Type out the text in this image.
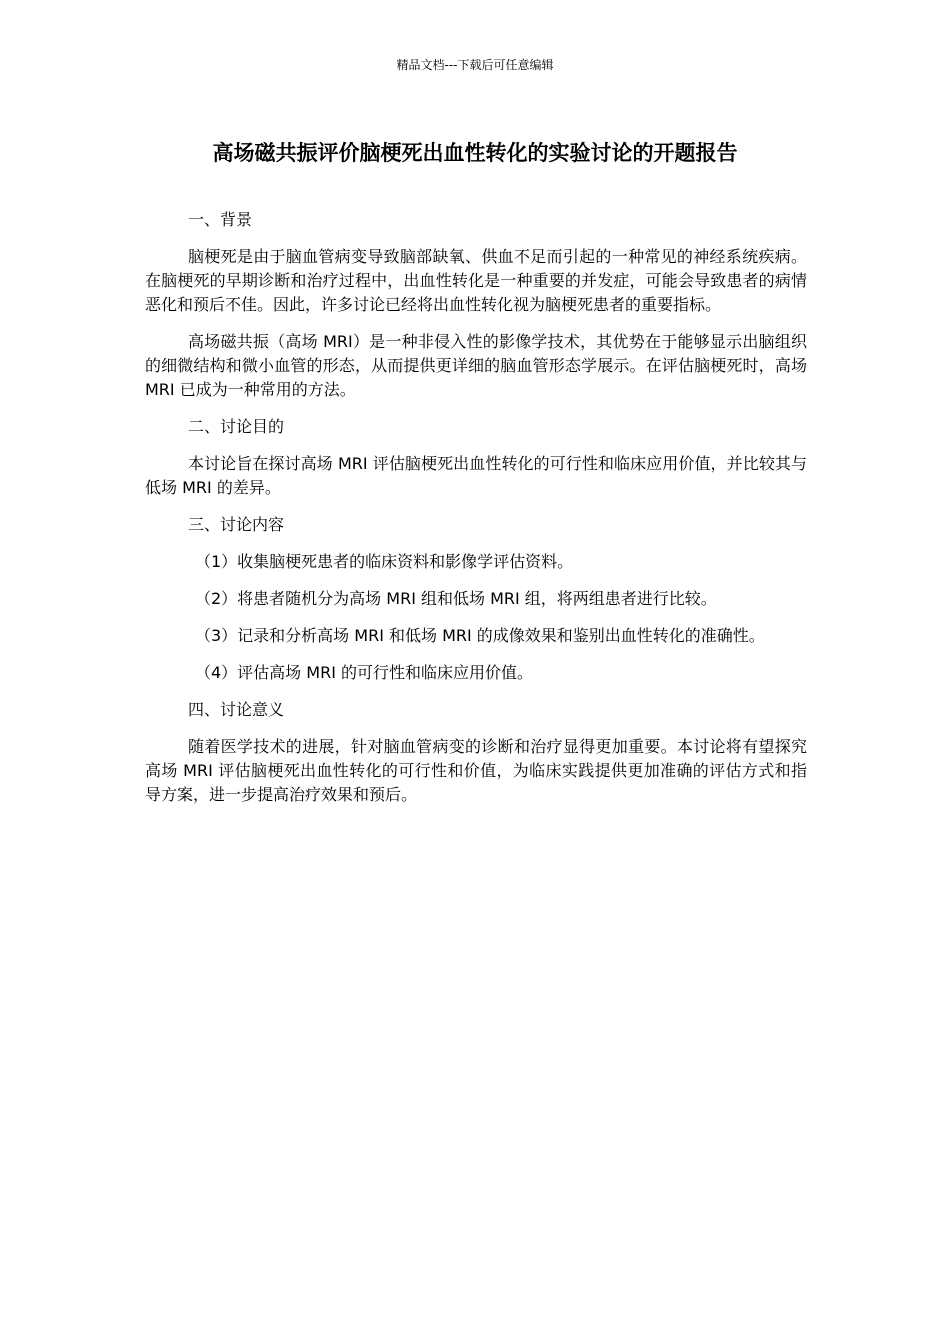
精品文档---下载后可任意编辑
高场磁共振评价脑梗死出血性转化的实验讨论的开题报告

一、背景

脑梗死是由于脑血管病变导致脑部缺氧、供血不足而引起的一种常见的神经系统疾病。在脑梗死的早期诊断和治疗过程中，出血性转化是一种重要的并发症，可能会导致患者的病情恶化和预后不佳。因此，许多讨论已经将出血性转化视为脑梗死患者的重要指标。

高场磁共振（高场 MRI）是一种非侵入性的影像学技术，其优势在于能够显示出脑组织的细微结构和微小血管的形态，从而提供更详细的脑血管形态学展示。在评估脑梗死时，高场 MRI 已成为一种常用的方法。

二、讨论目的

本讨论旨在探讨高场 MRI 评估脑梗死出血性转化的可行性和临床应用价值，并比较其与低场 MRI 的差异。

三、讨论内容

（1）收集脑梗死患者的临床资料和影像学评估资料。

（2）将患者随机分为高场 MRI 组和低场 MRI 组，将两组患者进行比较。

（3）记录和分析高场 MRI 和低场 MRI 的成像效果和鉴别出血性转化的准确性。

（4）评估高场 MRI 的可行性和临床应用价值。

四、讨论意义

随着医学技术的进展，针对脑血管病变的诊断和治疗显得更加重要。本讨论将有望探究高场 MRI 评估脑梗死出血性转化的可行性和价值，为临床实践提供更加准确的评估方式和指导方案，进一步提高治疗效果和预后。
